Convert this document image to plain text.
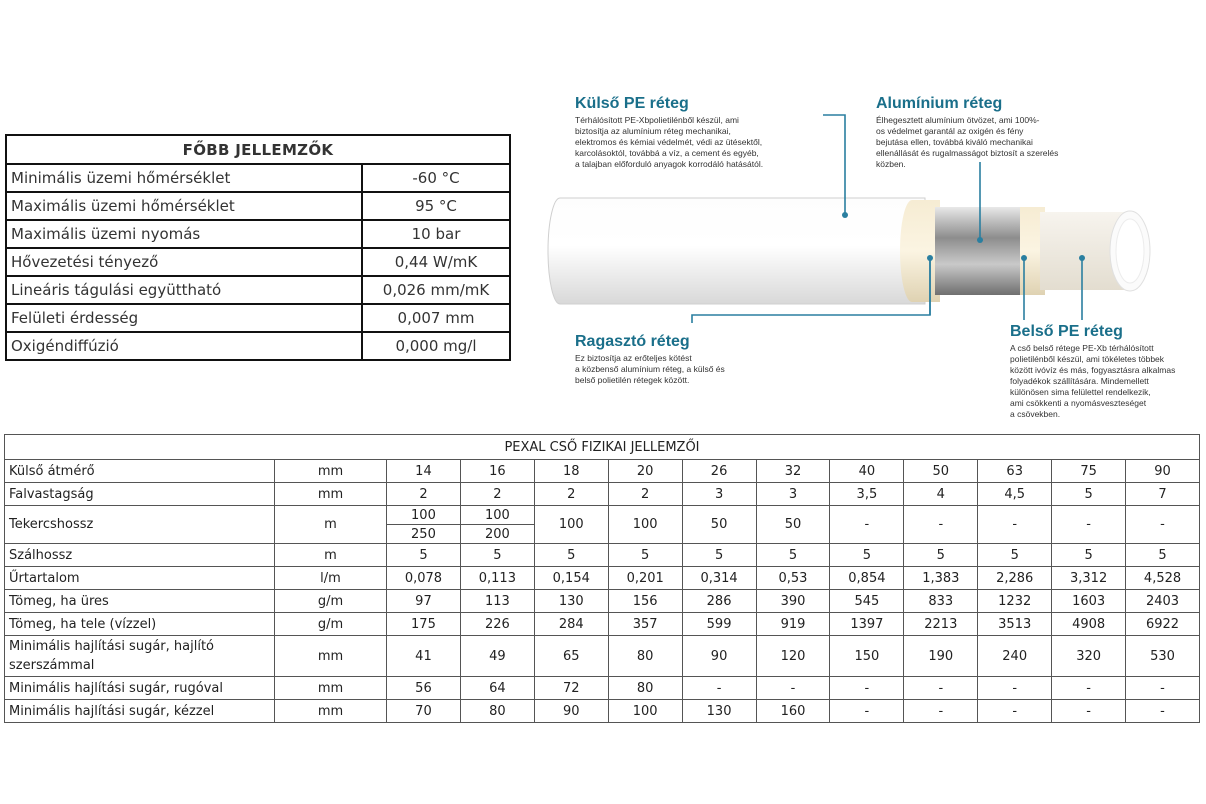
FŐBB JELLEMZŐK	
Minimális üzemi hőmérséklet	-60 °C
Maximális üzemi hőmérséklet	95 °C
Maximális üzemi nyomás	10 bar
Hővezetési tényező	0,44 W/mK
Lineáris tágulási együttható	0,026 mm/mK
Felületi érdesség	0,007 mm
Oxigéndiffúzió	0,000 mg/l
Külső PE réteg

Térhálósított PE-Xbpolietilénből készül, ami
biztosítja az alumínium réteg mechanikai,
elektromos és kémiai védelmét, védi az ütésektől,
karcolásoktól, továbbá a víz, a cement és egyéb,
a talajban előforduló anyagok korrodáló hatásától.

Alumínium réteg

Élhegesztett alumínium ötvözet, ami 100%-
os védelmet garantál az oxigén és fény
bejutása ellen, továbbá kiváló mechanikai
ellenállását és rugalmasságot biztosít a szerelés
közben.

Ragasztó réteg

Ez biztosítja az erőteljes kötést
a közbenső alumínium réteg, a külső és
belső polietilén rétegek között.

Belső PE réteg

A cső belső rétege PE-Xb térhálósított
polietilénből készül, ami tökéletes többek
között ivóvíz és más, fogyasztásra alkalmas
folyadékok szállítására. Mindemellett
különösen sima felülettel rendelkezik,
ami csökkenti a nyomásveszteséget
a csövekben.

PEXAL CSŐ FIZIKAI JELLEMZŐI												
Külső átmérő	mm	14	16	18	20	26	32	40	50	63	75	90
Falvastagság	mm	2	2	2	2	3	3	3,5	4	4,5	5	7
Tekercshossz	m	100	100	100	100	50	50	-	-	-	-	-
		250	200									
Szálhossz	m	5	5	5	5	5	5	5	5	5	5	5
Űrtartalom	l/m	0,078	0,113	0,154	0,201	0,314	0,53	0,854	1,383	2,286	3,312	4,528
Tömeg, ha üres	g/m	97	113	130	156	286	390	545	833	1232	1603	2403
Tömeg, ha tele (vízzel)	g/m	175	226	284	357	599	919	1397	2213	3513	4908	6922
Minimális hajlítási sugár, hajlító szerszámmal	mm	41	49	65	80	90	120	150	190	240	320	530
Minimális hajlítási sugár, rugóval	mm	56	64	72	80	-	-	-	-	-	-	-
Minimális hajlítási sugár, kézzel	mm	70	80	90	100	130	160	-	-	-	-	-
